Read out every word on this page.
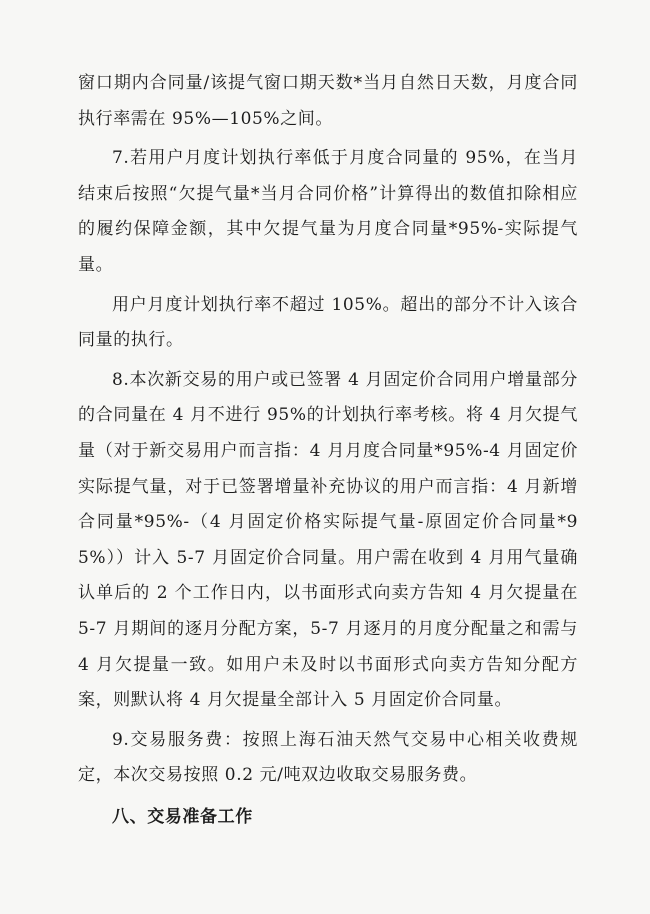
窗口期内合同量/该提气窗口期天数*当月自然日天数，月度合同执行率需在 95%—105%之间。

7.若用户月度计划执行率低于月度合同量的 95%，在当月结束后按照“欠提气量*当月合同价格”计算得出的数值扣除相应的履约保障金额，其中欠提气量为月度合同量*95%-实际提气量。

用户月度计划执行率不超过 105%。超出的部分不计入该合同量的执行。

8.本次新交易的用户或已签署 4 月固定价合同用户增量部分的合同量在 4 月不进行 95%的计划执行率考核。将 4 月欠提气量（对于新交易用户而言指：4 月月度合同量*95%-4 月固定价实际提气量，对于已签署增量补充协议的用户而言指：4 月新增合同量*95%-（4 月固定价格实际提气量-原固定价合同量*95%））计入 5-7 月固定价合同量。用户需在收到 4 月用气量确认单后的 2 个工作日内，以书面形式向卖方告知 4 月欠提量在 5-7 月期间的逐月分配方案，5-7 月逐月的月度分配量之和需与 4 月欠提量一致。如用户未及时以书面形式向卖方告知分配方案，则默认将 4 月欠提量全部计入 5 月固定价合同量。

9.交易服务费：按照上海石油天然气交易中心相关收费规定，本次交易按照 0.2 元/吨双边收取交易服务费。

八、交易准备工作
